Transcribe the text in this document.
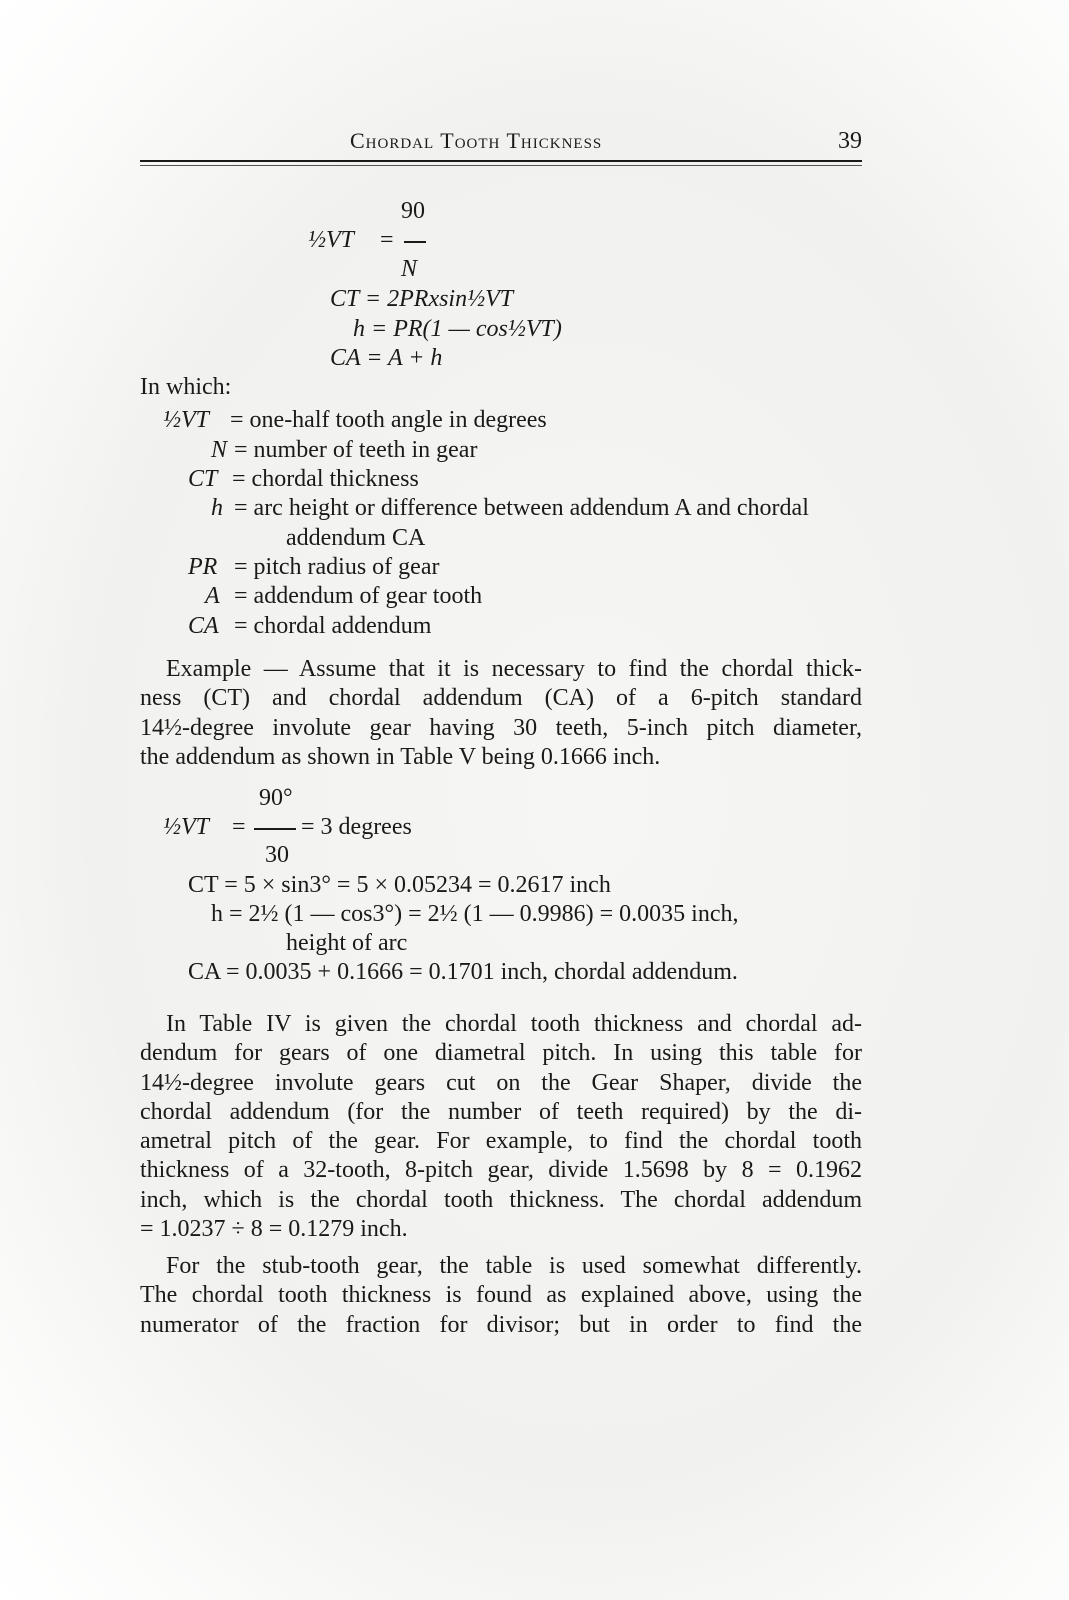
Chordal Tooth Thickness	39
90
½VT =
N
CT = 2PRxsin½VT
h = PR(1 — cos½VT)
CA = A + h
In which:
½VT = one-half tooth angle in degrees
N = number of teeth in gear
CT = chordal thickness
h = arc height or difference between addendum A and chordal
addendum CA
PR = pitch radius of gear
A = addendum of gear tooth
CA = chordal addendum
Example — Assume that it is necessary to find the chordal thick-
ness (CT) and chordal addendum (CA) of a 6-pitch standard
14½-degree involute gear having 30 teeth, 5-inch pitch diameter,
the addendum as shown in Table V being 0.1666 inch.
90°
½VT = = 3 degrees
30
CT = 5 × sin3° = 5 × 0.05234 = 0.2617 inch
h = 2½ (1 — cos3°) = 2½ (1 — 0.9986) = 0.0035 inch,
height of arc
CA = 0.0035 + 0.1666 = 0.1701 inch, chordal addendum.
In Table IV is given the chordal tooth thickness and chordal ad-
dendum for gears of one diametral pitch. In using this table for
14½-degree involute gears cut on the Gear Shaper, divide the
chordal addendum (for the number of teeth required) by the di-
ametral pitch of the gear. For example, to find the chordal tooth
thickness of a 32-tooth, 8-pitch gear, divide 1.5698 by 8 = 0.1962
inch, which is the chordal tooth thickness. The chordal addendum
= 1.0237 ÷ 8 = 0.1279 inch.
For the stub-tooth gear, the table is used somewhat differently.
The chordal tooth thickness is found as explained above, using the
numerator of the fraction for divisor; but in order to find the
